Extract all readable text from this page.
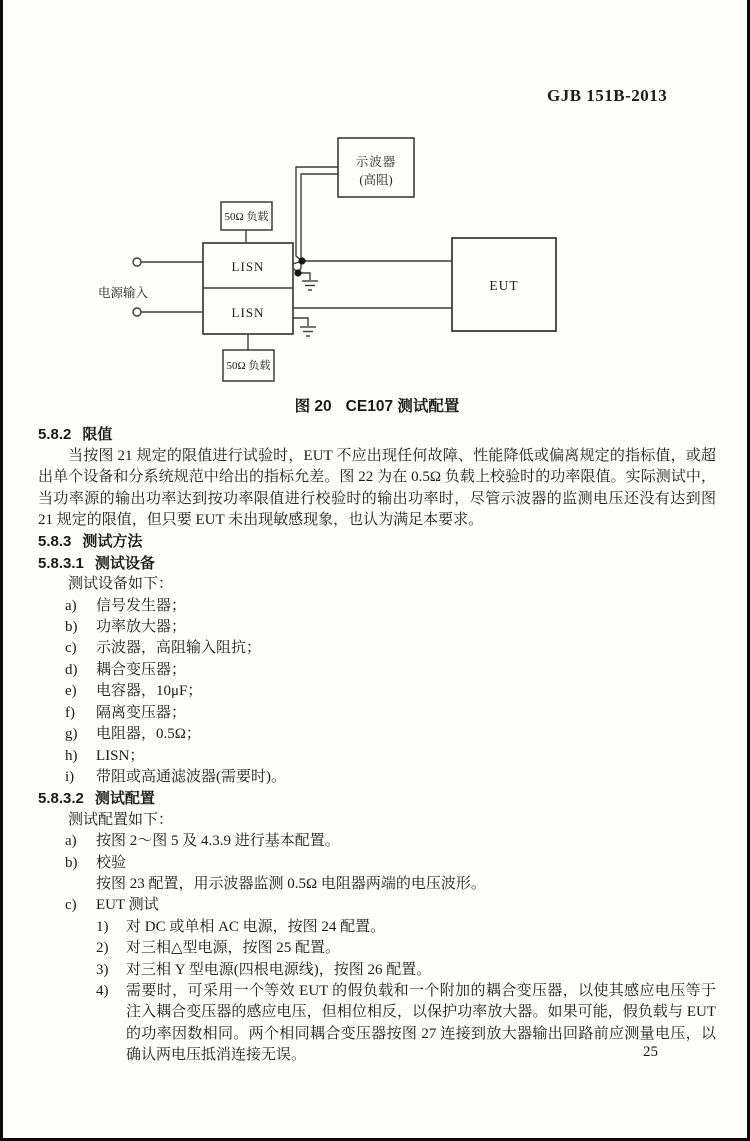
GJB 151B-2013
示波器
(高阻)
50Ω 负载
LISN
LISN
50Ω 负载
EUT
电源输入

图 20 CE107 测试配置

5.8.2 限值

当按图 21 规定的限值进行试验时，EUT 不应出现任何故障、性能降低或偏离规定的指标值，或超出单个设备和分系统规范中给出的指标允差。图 22 为在 0.5Ω 负载上校验时的功率限值。实际测试中，当功率源的输出功率达到按功率限值进行校验时的输出功率时，尽管示波器的监测电压还没有达到图 21 规定的限值，但只要 EUT 未出现敏感现象，也认为满足本要求。

5.8.3 测试方法
5.8.3.1 测试设备

测试设备如下：

a)	信号发生器；
b)	功率放大器；
c)	示波器，高阻输入阻抗；
d)	耦合变压器；
e)	电容器，10μF；
f)	隔离变压器；
g)	电阻器，0.5Ω；
h)	LISN；
i)	带阻或高通滤波器(需要时)。
5.8.3.2 测试配置

测试配置如下：

a)	按图 2～图 5 及 4.3.9 进行基本配置。
b)	校验

按图 23 配置，用示波器监测 0.5Ω 电阻器两端的电压波形。

c)	EUT 测试
1)	对 DC 或单相 AC 电源，按图 24 配置。
2)	对三相△型电源，按图 25 配置。
3)	对三相 Y 型电源(四根电源线)，按图 26 配置。
4)	需要时，可采用一个等效 EUT 的假负载和一个附加的耦合变压器，以使其感应电压等于注入耦合变压器的感应电压，但相位相反，以保护功率放大器。如果可能，假负载与 EUT 的功率因数相同。两个相同耦合变压器按图 27 连接到放大器输出回路前应测量电压，以确认两电压抵消连接无误。	25
